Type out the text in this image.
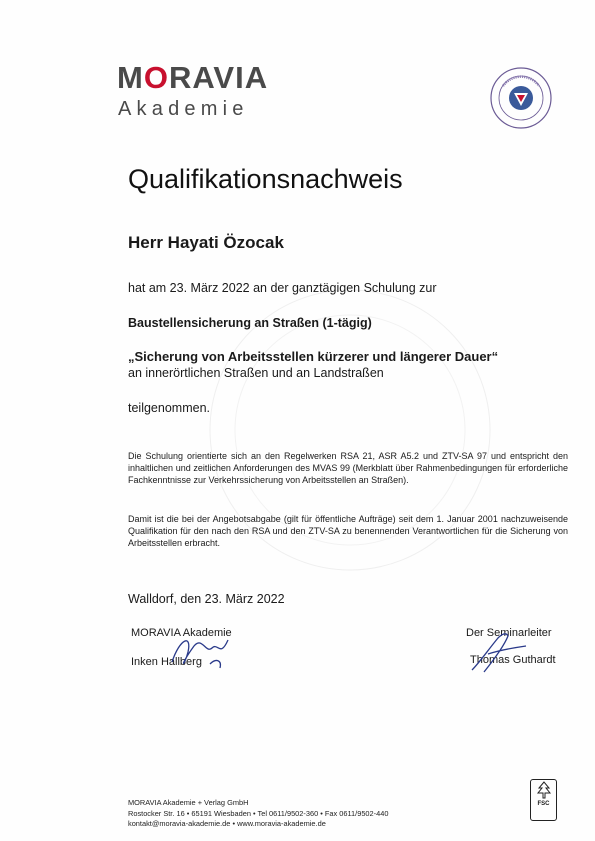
MORAVIA
Akademie
Qualifikationsnachweis
Herr Hayati Özocak
hat am 23. März 2022 an der ganztägigen Schulung zur
Baustellensicherung an Straßen (1-tägig)
„Sicherung von Arbeitsstellen kürzerer und längerer Dauer“
an innerörtlichen Straßen und an Landstraßen
teilgenommen.
Die Schulung orientierte sich an den Regelwerken RSA 21, ASR A5.2 und ZTV-SA 97 und entspricht den inhaltlichen und zeitlichen Anforderungen des MVAS 99 (Merkblatt über Rahmenbedingungen für erforderliche Fachkenntnisse zur Verkehrssicherung von Arbeitsstellen an Straßen).
Damit ist die bei der Angebotsabgabe (gilt für öffentliche Aufträge) seit dem 1. Januar 2001 nachzuweisende Qualifikation für den nach den RSA und den ZTV-SA zu benennenden Verantwortlichen für die Sicherung von Arbeitsstellen erbracht.
Walldorf, den 23. März 2022
MORAVIA Akademie
Inken Hallberg
Der Seminarleiter
Thomas Guthardt
MORAVIA Akademie + Verlag GmbH
Rostocker Str. 16 • 65191 Wiesbaden • Tel 0611/9502-360 • Fax 0611/9502-440
kontakt@moravia-akademie.de • www.moravia-akademie.de
FSC
